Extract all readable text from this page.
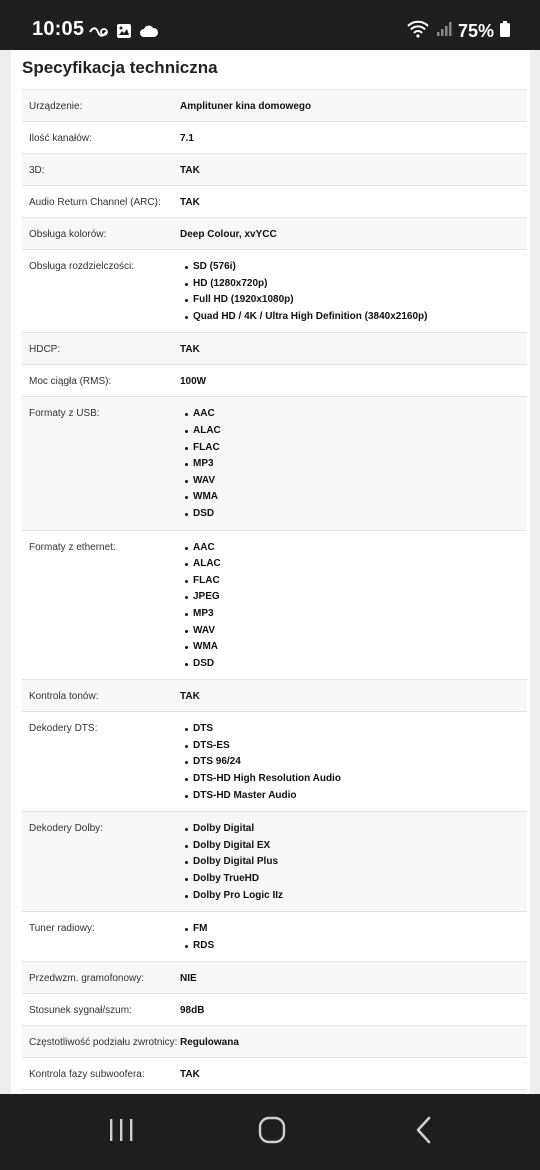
10:05	75%
Specyfikacja techniczna
Urządzenie:	Amplituner kina domowego
Ilość kanałów:	7.1
3D:	TAK
Audio Return Channel (ARC):	TAK
Obsługa kolorów:	Deep Colour, xvYCC
Obsługa rozdzielczości:	SD (576i)
HD (1280x720p)
Full HD (1920x1080p)
Quad HD / 4K / Ultra High Definition (3840x2160p)
HDCP:	TAK
Moc ciągła (RMS):	100W
Formaty z USB:	AAC
ALAC
FLAC
MP3
WAV
WMA
DSD
Formaty z ethernet:	AAC
ALAC
FLAC
JPEG
MP3
WAV
WMA
DSD
Kontrola tonów:	TAK
Dekodery DTS:	DTS
DTS-ES
DTS 96/24
DTS-HD High Resolution Audio
DTS-HD Master Audio
Dekodery Dolby:	Dolby Digital
Dolby Digital EX
Dolby Digital Plus
Dolby TrueHD
Dolby Pro Logic IIz
Tuner radiowy:	FM
RDS
Przedwzm. gramofonowy:	NIE
Stosunek sygnał/szum:	98dB
Częstotliwość podziału zwrotnicy: Regulowana
Kontrola fazy subwoofera:	TAK
